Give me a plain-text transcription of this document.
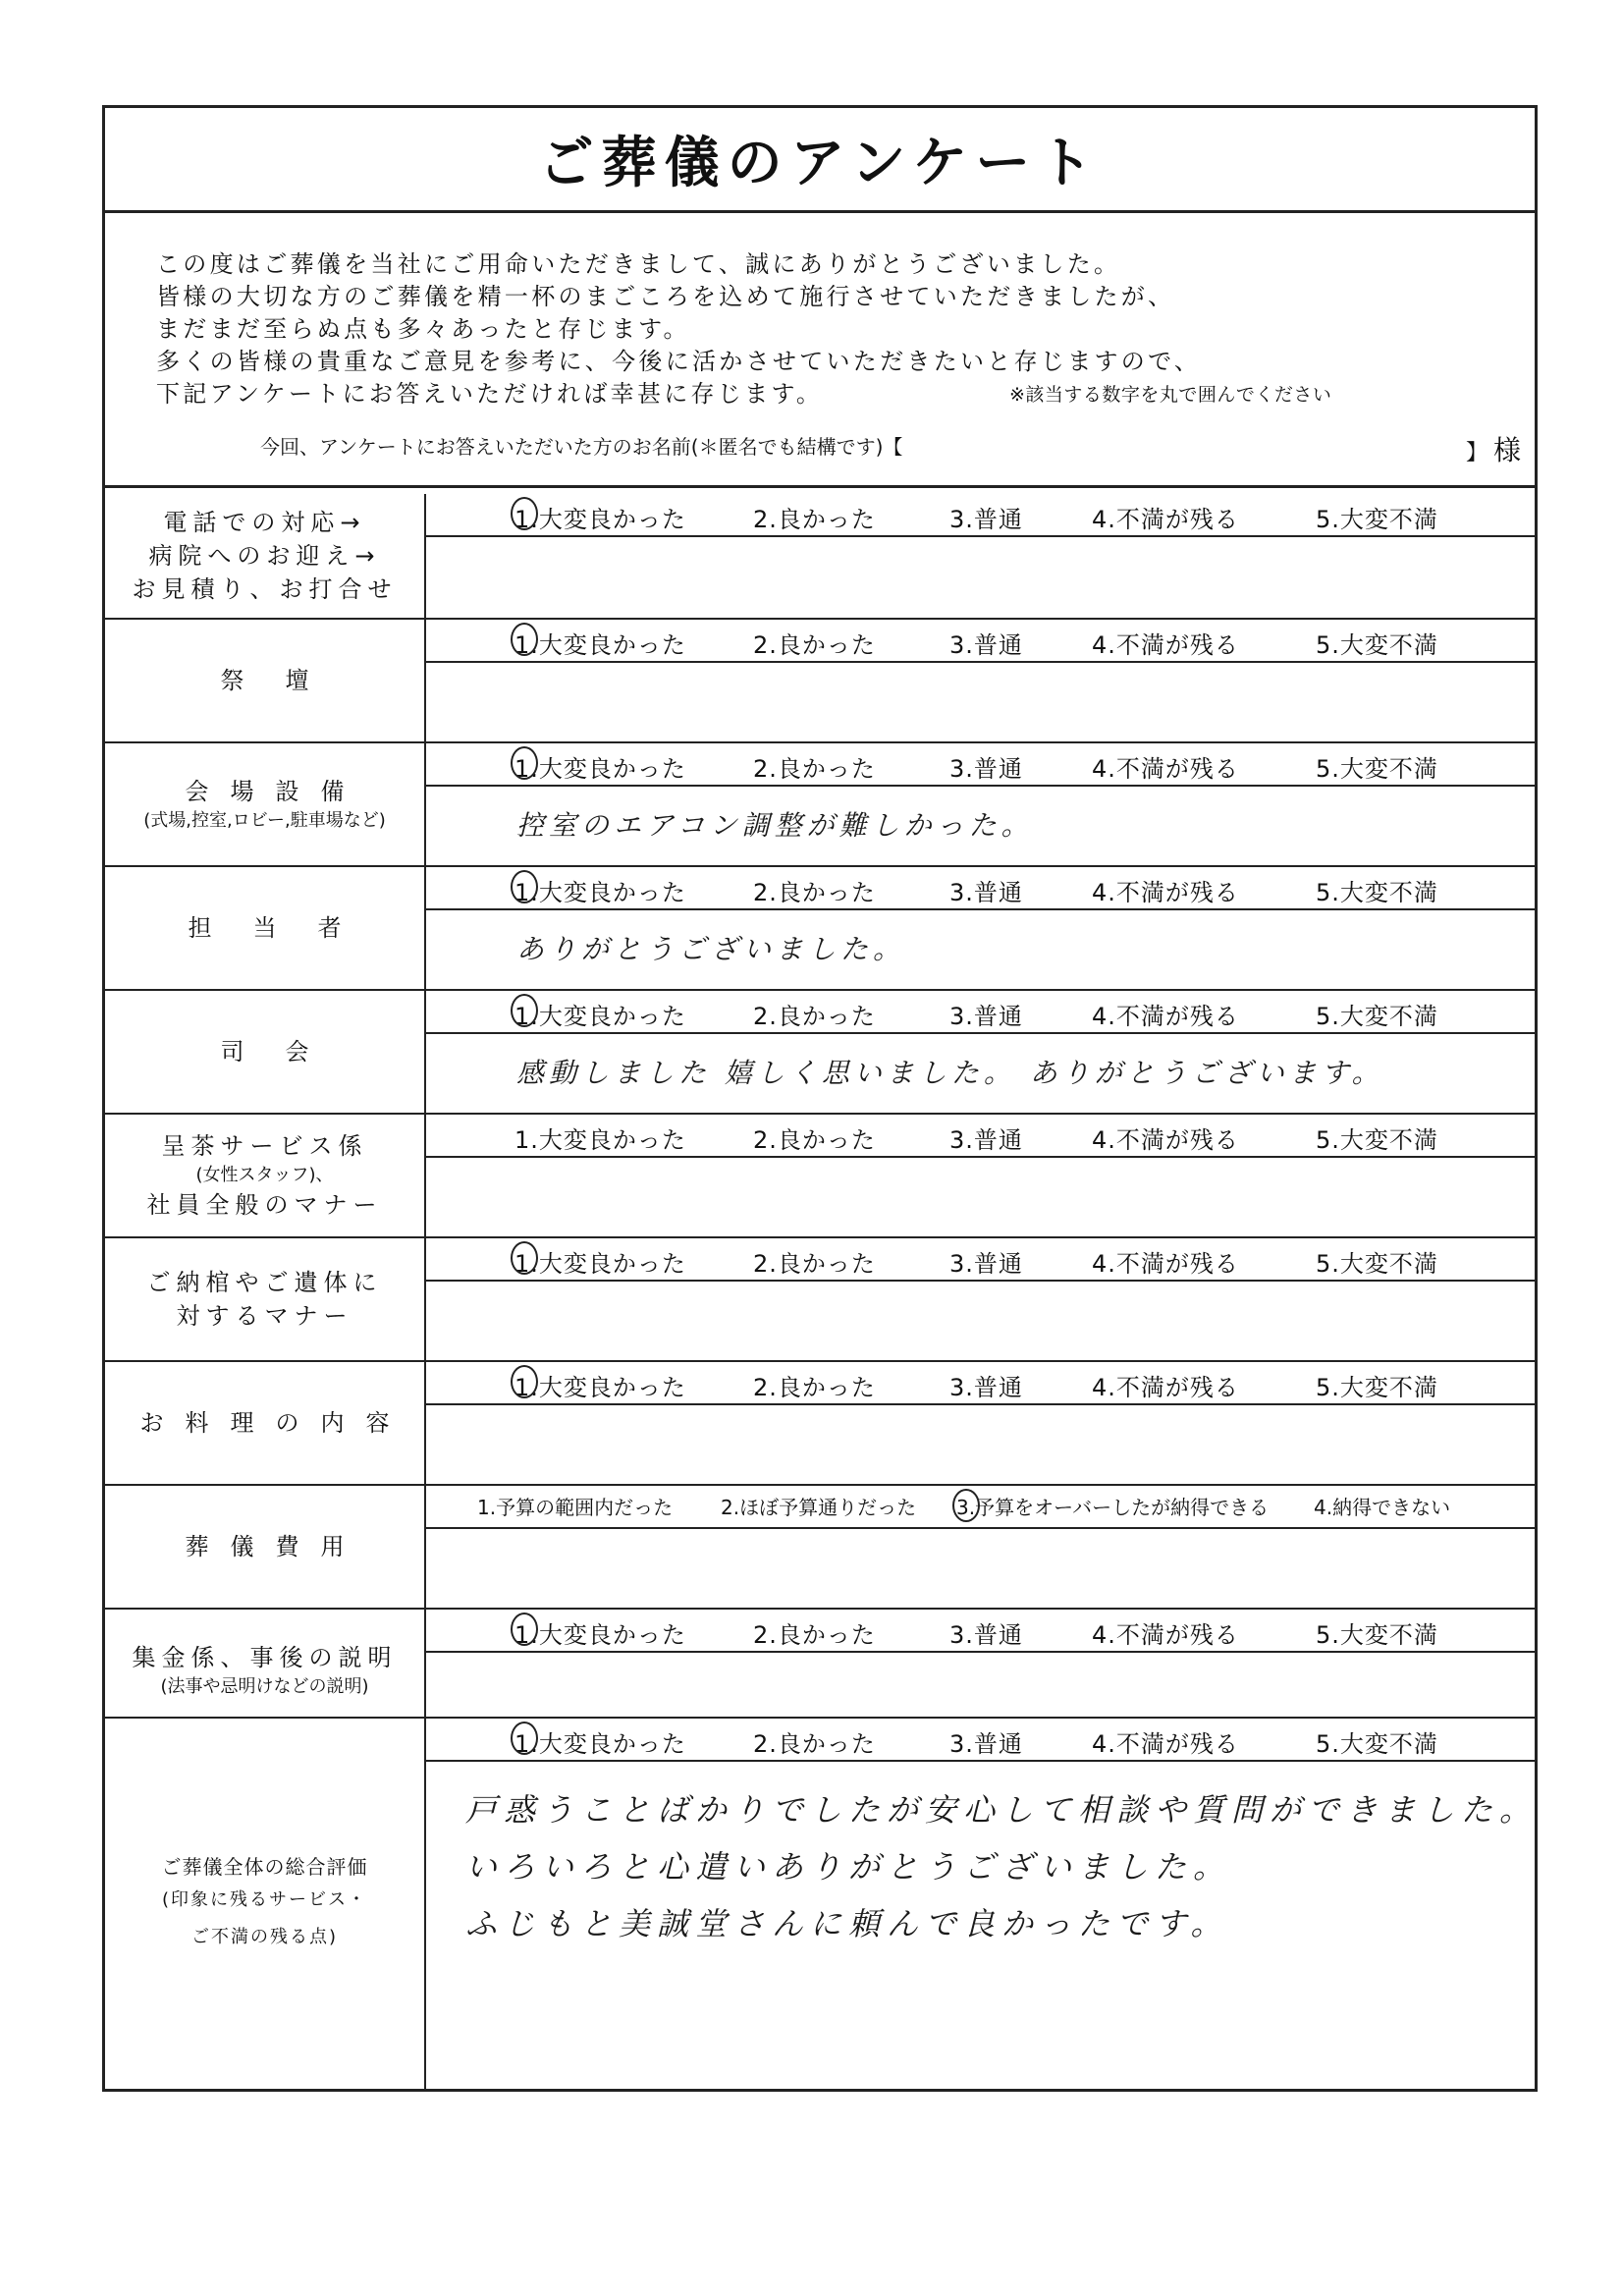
ご葬儀のアンケート

この度はご葬儀を当社にご用命いただきまして、誠にありがとうございました。

皆様の大切な方のご葬儀を精一杯のまごころを込めて施行させていただきましたが、

まだまだ至らぬ点も多々あったと存じます。

多くの皆様の貴重なご意見を参考に、今後に活かさせていただきたいと存じますので、

下記アンケートにお答えいただければ幸甚に存じます。	※該当する数字を丸で囲んでください
今回、アンケートにお答えいただいた方のお名前(＊匿名でも結構です)【	】 様
電話での対応→
病院へのお迎え→
お見積り、お打合せ
1.大変良かった	2.良かった	3.普通	4.不満が残る	5.大変不満
祭壇
1.大変良かった	2.良かった	3.普通	4.不満が残る	5.大変不満
会場設備
(式場,控室,ロビー,駐車場など)
1.大変良かった	2.良かった	3.普通	4.不満が残る	5.大変不満
控室のエアコン調整が難しかった。
担当者
1.大変良かった	2.良かった	3.普通	4.不満が残る	5.大変不満
ありがとうございました。
司会
1.大変良かった	2.良かった	3.普通	4.不満が残る	5.大変不満
感動しました 嬉しく思いました。 ありがとうございます。
呈茶サービス係
(女性スタッフ)、
社員全般のマナー
1.大変良かった	2.良かった	3.普通	4.不満が残る	5.大変不満
ご納棺やご遺体に
対するマナー
1.大変良かった	2.良かった	3.普通	4.不満が残る	5.大変不満
お料理の内容
1.大変良かった	2.良かった	3.普通	4.不満が残る	5.大変不満
葬儀費用
1.予算の範囲内だった 2.ほぼ予算通りだった 3.予算をオーバーしたが納得できる 4.納得できない
集金係、事後の説明
(法事や忌明けなどの説明)
1.大変良かった	2.良かった	3.普通	4.不満が残る	5.大変不満
ご葬儀全体の総合評価
(印象に残るサービス・
ご不満の残る点)
1.大変良かった	2.良かった	3.普通	4.不満が残る	5.大変不満
戸惑うことばかりでしたが安心して相談や質問ができました。
いろいろと心遣いありがとうございました。
ふじもと美誠堂さんに頼んで良かったです。
